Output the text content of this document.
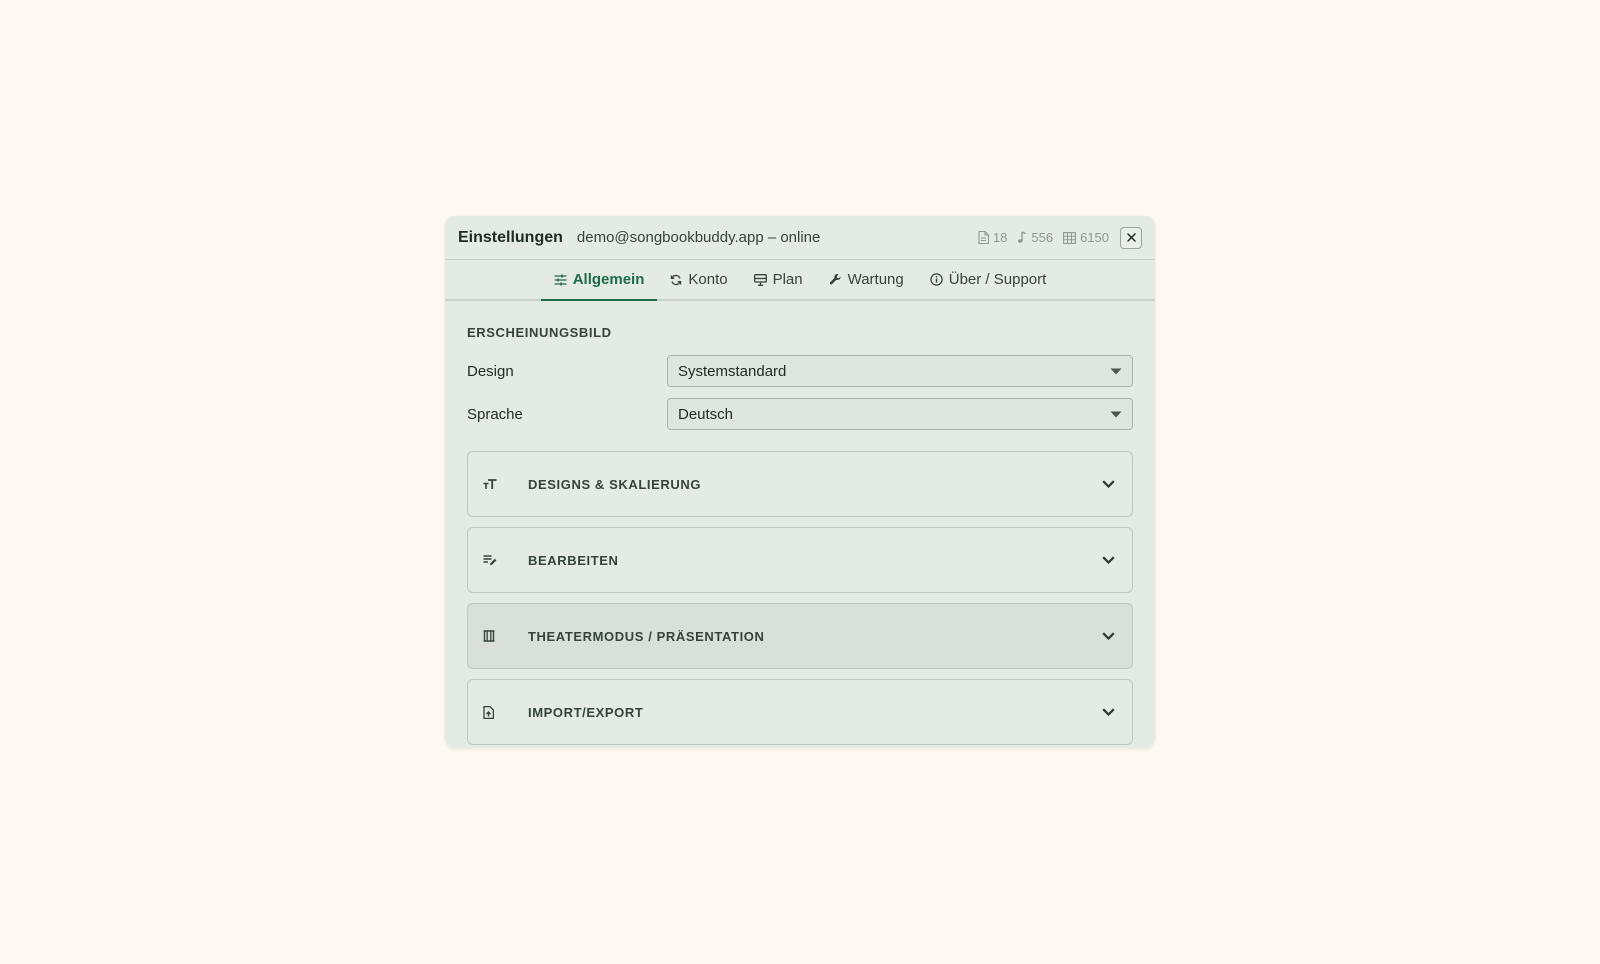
Einstellungen demo@songbookbuddy.app – online	18 556 6150
Allgemein	Konto	Plan	Wartung	Über / Support
ERSCHEINUNGSBILD
Design	Systemstandard
Sprache	Deutsch
DESIGNS & SKALIERUNG
BEARBEITEN
THEATERMODUS / PRÄSENTATION
IMPORT/EXPORT
